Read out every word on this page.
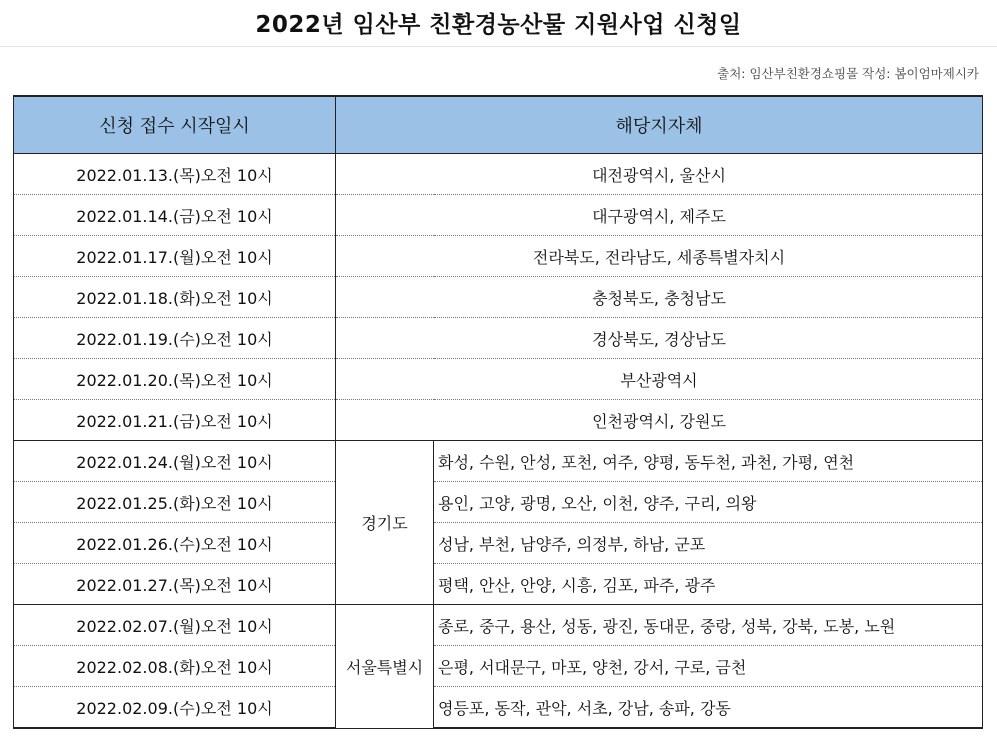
2022년 임산부 친환경농산물 지원사업 신청일
출처: 임산부친환경쇼핑몰 작성: 봄이엄마제시카
신청 접수 시작일시	해당지자체	
2022.01.13.(목)오전 10시	대전광역시, 울산시	
2022.01.14.(금)오전 10시	대구광역시, 제주도	
2022.01.17.(월)오전 10시	전라북도, 전라남도, 세종특별자치시	
2022.01.18.(화)오전 10시	충청북도, 충청남도	
2022.01.19.(수)오전 10시	경상북도, 경상남도	
2022.01.20.(목)오전 10시	부산광역시	
2022.01.21.(금)오전 10시	인천광역시, 강원도	
2022.01.24.(월)오전 10시	경기도	화성, 수원, 안성, 포천, 여주, 양평, 동두천, 과천, 가평, 연천
2022.01.25.(화)오전 10시		용인, 고양, 광명, 오산, 이천, 양주, 구리, 의왕
2022.01.26.(수)오전 10시		성남, 부천, 남양주, 의정부, 하남, 군포
2022.01.27.(목)오전 10시		평택, 안산, 안양, 시흥, 김포, 파주, 광주
2022.02.07.(월)오전 10시	서울특별시	종로, 중구, 용산, 성동, 광진, 동대문, 중랑, 성북, 강북, 도봉, 노원
2022.02.08.(화)오전 10시		은평, 서대문구, 마포, 양천, 강서, 구로, 금천
2022.02.09.(수)오전 10시		영등포, 동작, 관악, 서초, 강남, 송파, 강동
